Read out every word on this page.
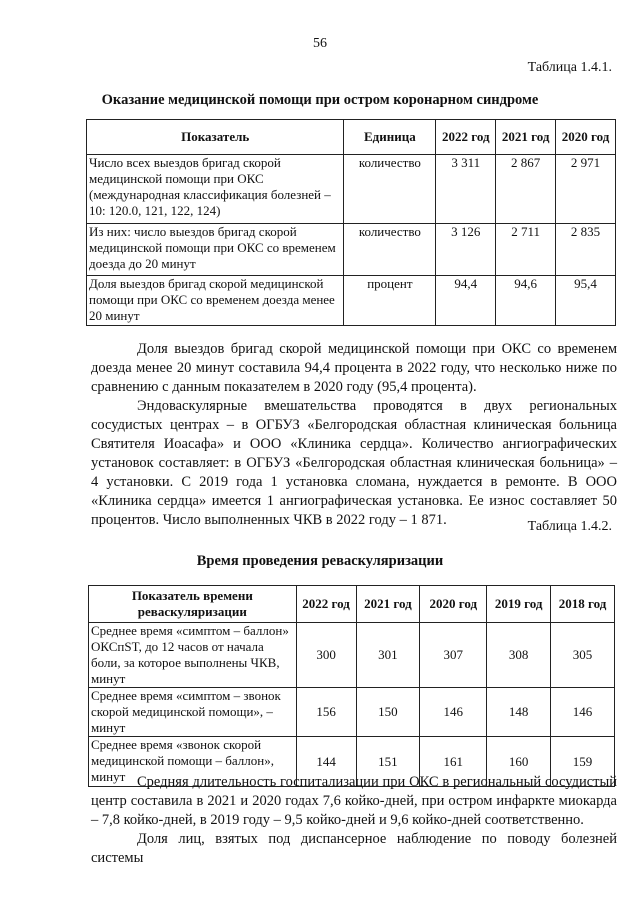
56
Таблица 1.4.1.
Оказание медицинской помощи при остром коронарном синдроме
Показатель	Единица	2022 год	2021 год	2020 год
Число всех выездов бригад скорой медицинской помощи при ОКС (международная классификация болезней –10: 120.0, 121, 122, 124)	количество	3 311	2 867	2 971
Из них: число выездов бригад скорой медицинской помощи при ОКС со временем доезда до 20 минут	количество	3 126	2 711	2 835
Доля выездов бригад скорой медицинской помощи при ОКС со временем доезда менее 20 минут	процент	94,4	94,6	95,4
Доля выездов бригад скорой медицинской помощи при ОКС со временем доезда менее 20 минут составила 94,4 процента в 2022 году, что несколько ниже по сравнению с данным показателем в 2020 году (95,4 процента).
Эндоваскулярные вмешательства проводятся в двух региональных сосудистых центрах – в ОГБУЗ «Белгородская областная клиническая больница Святителя Иоасафа» и ООО «Клиника сердца». Количество ангиографических установок составляет: в ОГБУЗ «Белгородская областная клиническая больница» – 4 установки. С 2019 года 1 установка сломана, нуждается в ремонте. В ООО «Клиника сердца» имеется 1 ангиографическая установка. Ее износ составляет 50 процентов. Число выполненных ЧКВ в 2022 году – 1 871.	Таблица 1.4.2.
Время проведения реваскуляризации
Показатель времени реваскуляризации	2022 год	2021 год	2020 год	2019 год	2018 год
Среднее время «симптом – баллон» ОКСпST, до 12 часов от начала боли, за которое выполнены ЧКВ, минут	300	301	307	308	305
Среднее время «симптом – звонок скорой медицинской помощи», – минут	156	150	146	148	146
Среднее время «звонок скорой медицинской помощи – баллон», минут	144	151	161	160	159
Средняя длительность госпитализации при ОКС в региональный сосудистый центр составила в 2021 и 2020 годах 7,6 койко-дней, при остром инфаркте миокарда – 7,8 койко-дней, в 2019 году – 9,5 койко-дней и 9,6 койко-дней соответственно.
Доля лиц, взятых под диспансерное наблюдение по поводу болезней системы
